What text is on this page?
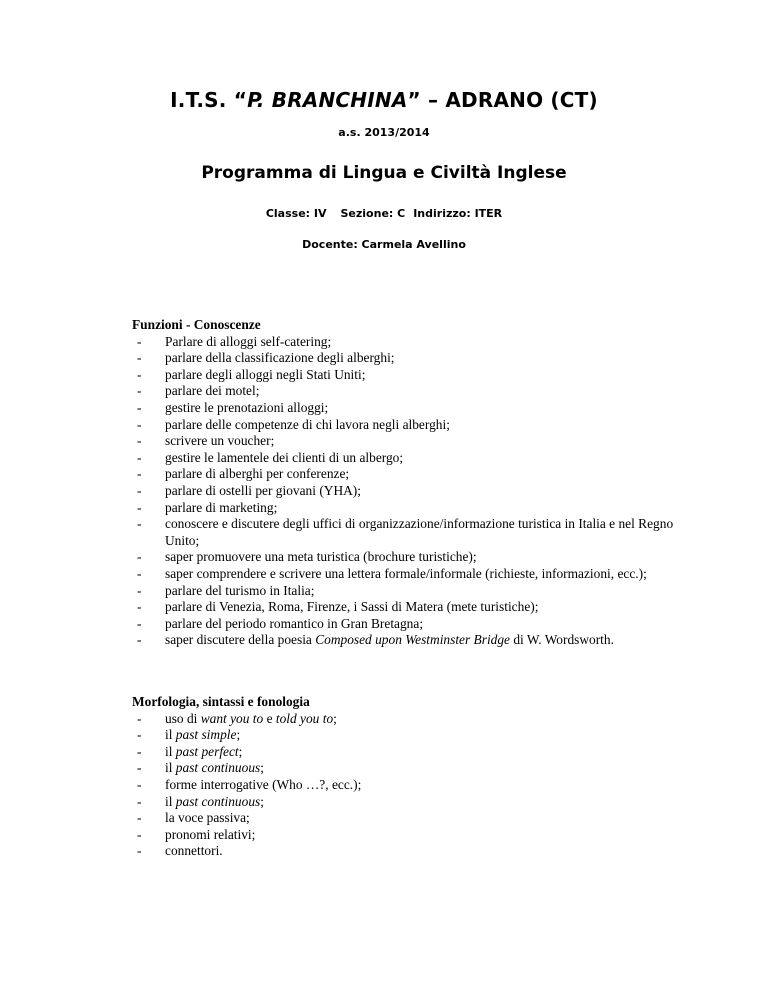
I.T.S. “P. BRANCHINA” – ADRANO (CT)
a.s. 2013/2014
Programma di Lingua e Civiltà Inglese
Classe: IV Sezione: C Indirizzo: ITER
Docente: Carmela Avellino

Funzioni - Conoscenze

- Parlare di alloggi self-catering;
- parlare della classificazione degli alberghi;
- parlare degli alloggi negli Stati Uniti;
- parlare dei motel;
- gestire le prenotazioni alloggi;
- parlare delle competenze di chi lavora negli alberghi;
- scrivere un voucher;
- gestire le lamentele dei clienti di un albergo;
- parlare di alberghi per conferenze;
- parlare di ostelli per giovani (YHA);
- parlare di marketing;
- conoscere e discutere degli uffici di organizzazione/informazione turistica in Italia e nel Regno Unito;
- saper promuovere una meta turistica (brochure turistiche);
- saper comprendere e scrivere una lettera formale/informale (richieste, informazioni, ecc.);
- parlare del turismo in Italia;
- parlare di Venezia, Roma, Firenze, i Sassi di Matera (mete turistiche);
- parlare del periodo romantico in Gran Bretagna;
- saper discutere della poesia Composed upon Westminster Bridge di W. Wordsworth.

Morfologia, sintassi e fonologia

- uso di want you to e told you to;
- il past simple;
- il past perfect;
- il past continuous;
- forme interrogative (Who …?, ecc.);
- il past continuous;
- la voce passiva;
- pronomi relativi;
- connettori.
